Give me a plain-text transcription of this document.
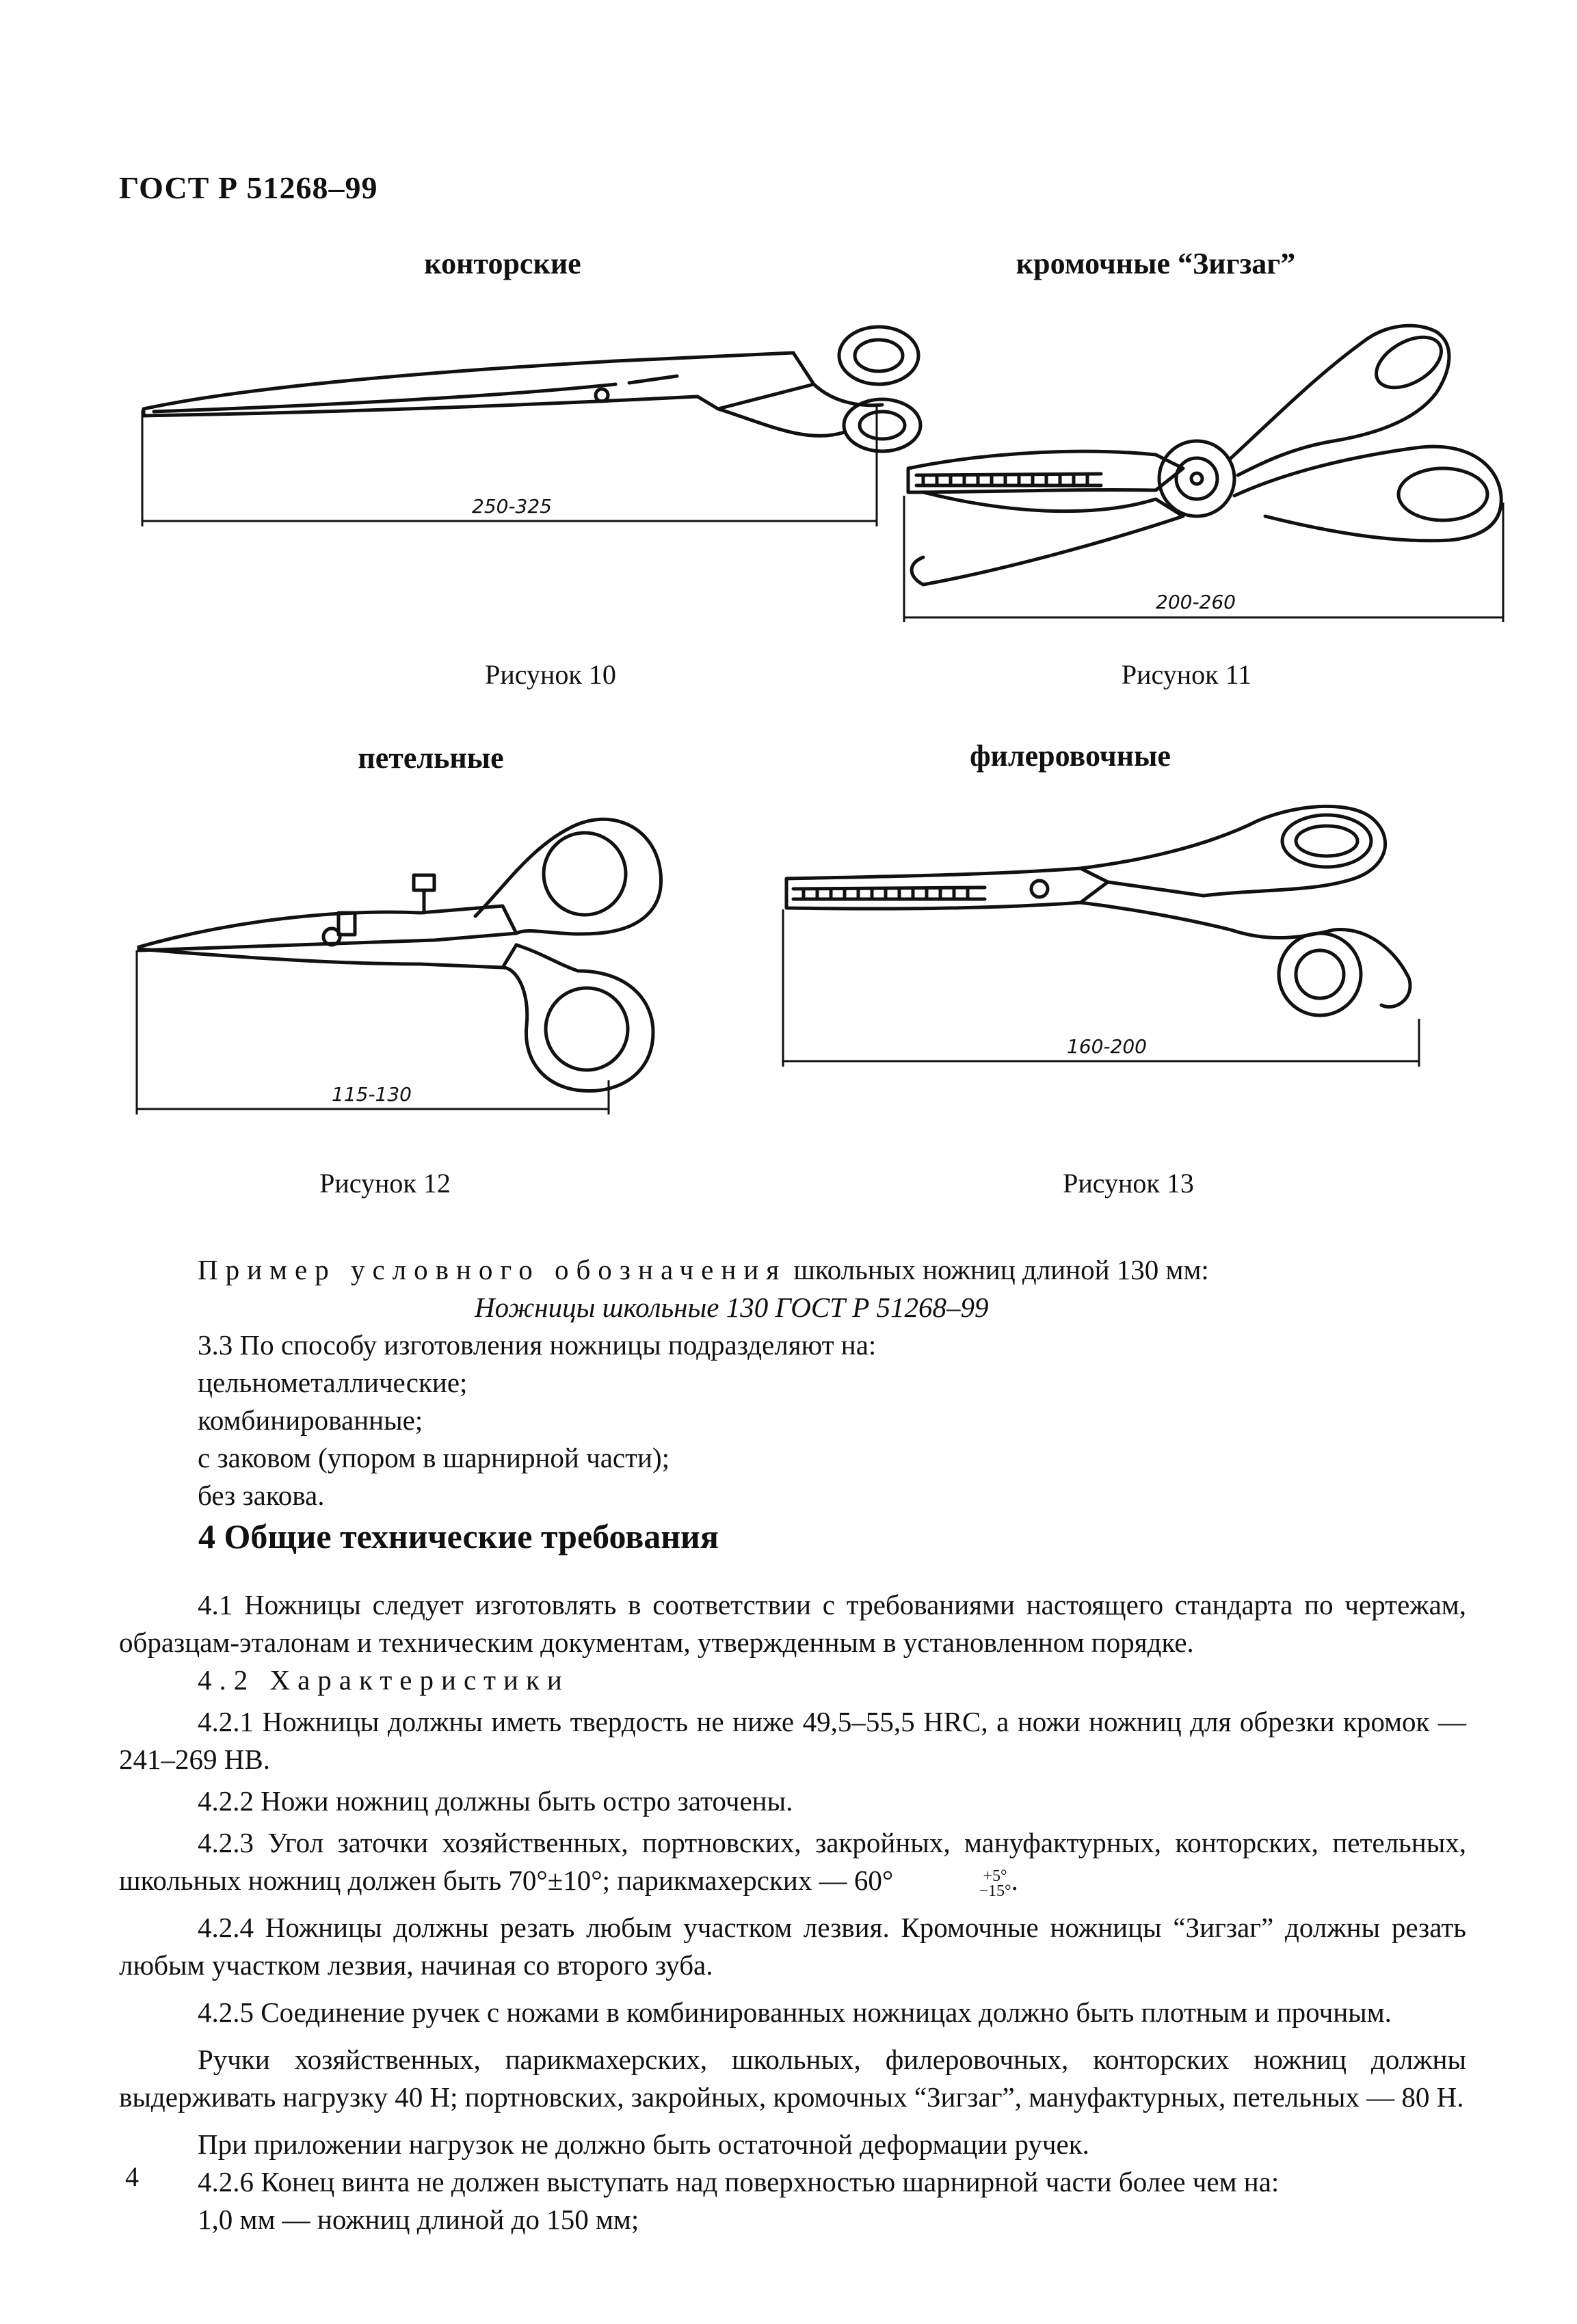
ГОСТ Р 51268–99
конторские
250-325
Рисунок 10
кромочные “Зигзаг”
200-260
Рисунок 11
петельные
115-130
Рисунок 12
филеровочные
160-200
Рисунок 13
Пример условного обозначения школьных ножниц длиной 130 мм:
Ножницы школьные 130 ГОСТ Р 51268–99
3.3 По способу изготовления ножницы подразделяют на:
цельнометаллические;
комбинированные;
с заковом (упором в шарнирной части);
без закова.
4 Общие технические требования
4.1 Ножницы следует изготовлять в соответствии с требованиями настоящего стандарта по чертежам, образцам-эталонам и техническим документам, утвержденным в установленном порядке.
4.2 Характеристики
4.2.1 Ножницы должны иметь твердость не ниже 49,5–55,5 HRC, а ножи ножниц для обрезки кромок — 241–269 НВ.
4.2.2 Ножи ножниц должны быть остро заточены.
4.2.3 Угол заточки хозяйственных, портновских, закройных, мануфактурных, конторских, петельных, школьных ножниц должен быть 70°±10°; парикмахерских — 60°	+5°
−15° .
4.2.4 Ножницы должны резать любым участком лезвия. Кромочные ножницы “Зигзаг” должны резать любым участком лезвия, начиная со второго зуба.
4.2.5 Соединение ручек с ножами в комбинированных ножницах должно быть плотным и прочным.
Ручки хозяйственных, парикмахерских, школьных, филеровочных, конторских ножниц должны выдерживать нагрузку 40 Н; портновских, закройных, кромочных “Зигзаг”, мануфактурных, петельных — 80 Н.
При приложении нагрузок не должно быть остаточной деформации ручек.
4.2.6 Конец винта не должен выступать над поверхностью шарнирной части более чем на:
1,0 мм — ножниц длиной до 150 мм;
4
